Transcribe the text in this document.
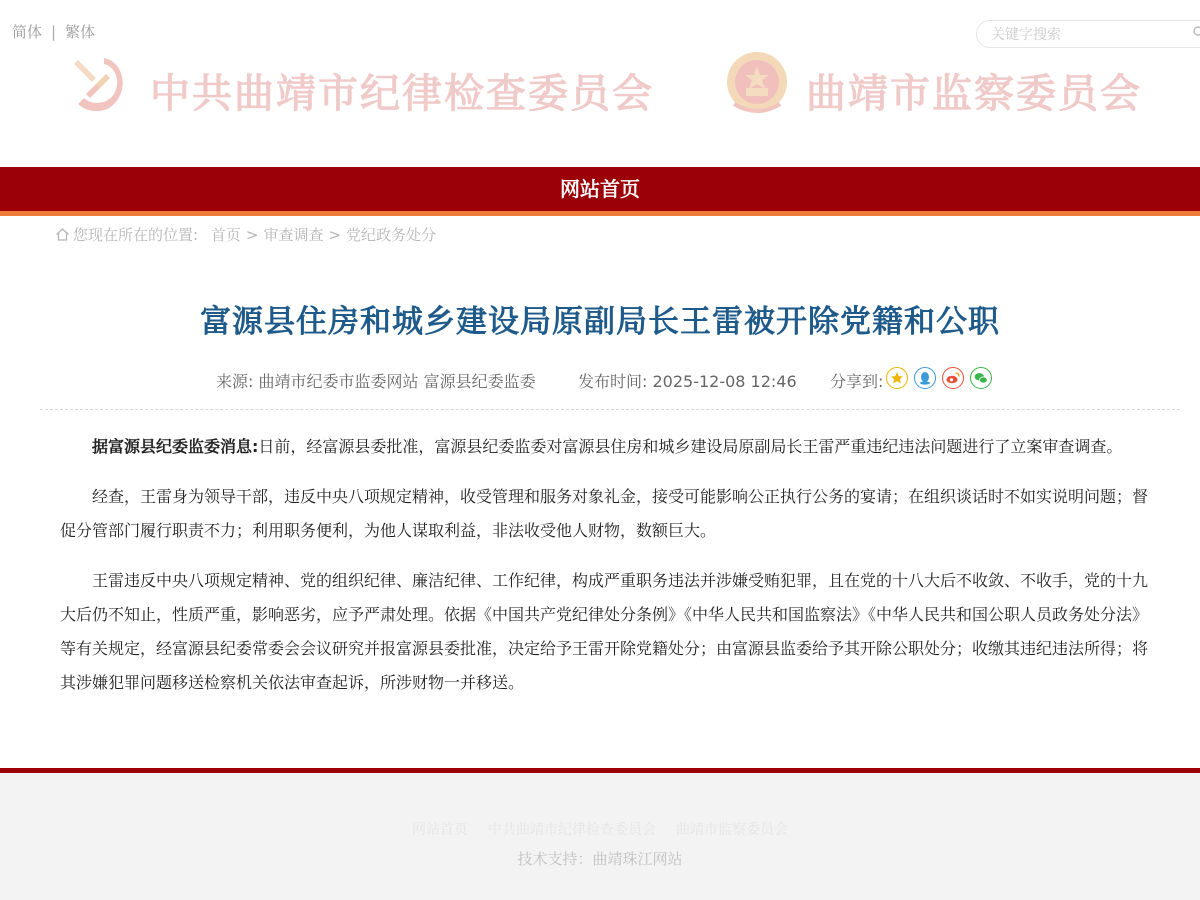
简体 | 繁体
关键字搜索
中共曲靖市纪律检查委员会	曲靖市监察委员会
网站首页
您现在所在的位置: 首页 > 审查调查 > 党纪政务处分
富源县住房和城乡建设局原副局长王雷被开除党籍和公职
来源: 曲靖市纪委市监委网站 富源县纪委监委	发布时间: 2025-12-08 12:46 分享到:

据富源县纪委监委消息:日前，经富源县委批准，富源县纪委监委对富源县住房和城乡建设局原副局长王雷严重违纪违法问题进行了立案审查调查。

经查，王雷身为领导干部，违反中央八项规定精神，收受管理和服务对象礼金，接受可能影响公正执行公务的宴请；在组织谈话时不如实说明问题；督促分管部门履行职责不力；利用职务便利，为他人谋取利益，非法收受他人财物，数额巨大。

王雷违反中央八项规定精神、党的组织纪律、廉洁纪律、工作纪律，构成严重职务违法并涉嫌受贿犯罪，且在党的十八大后不收敛、不收手，党的十九大后仍不知止，性质严重，影响恶劣，应予严肃处理。依据《中国共产党纪律处分条例》《中华人民共和国监察法》《中华人民共和国公职人员政务处分法》等有关规定，经富源县纪委常委会会议研究并报富源县委批准，决定给予王雷开除党籍处分；由富源县监委给予其开除公职处分；收缴其违纪违法所得；将其涉嫌犯罪问题移送检察机关依法审查起诉，所涉财物一并移送。

网站首页 中共曲靖市纪律检查委员会 曲靖市监察委员会
技术支持：曲靖珠江网站
